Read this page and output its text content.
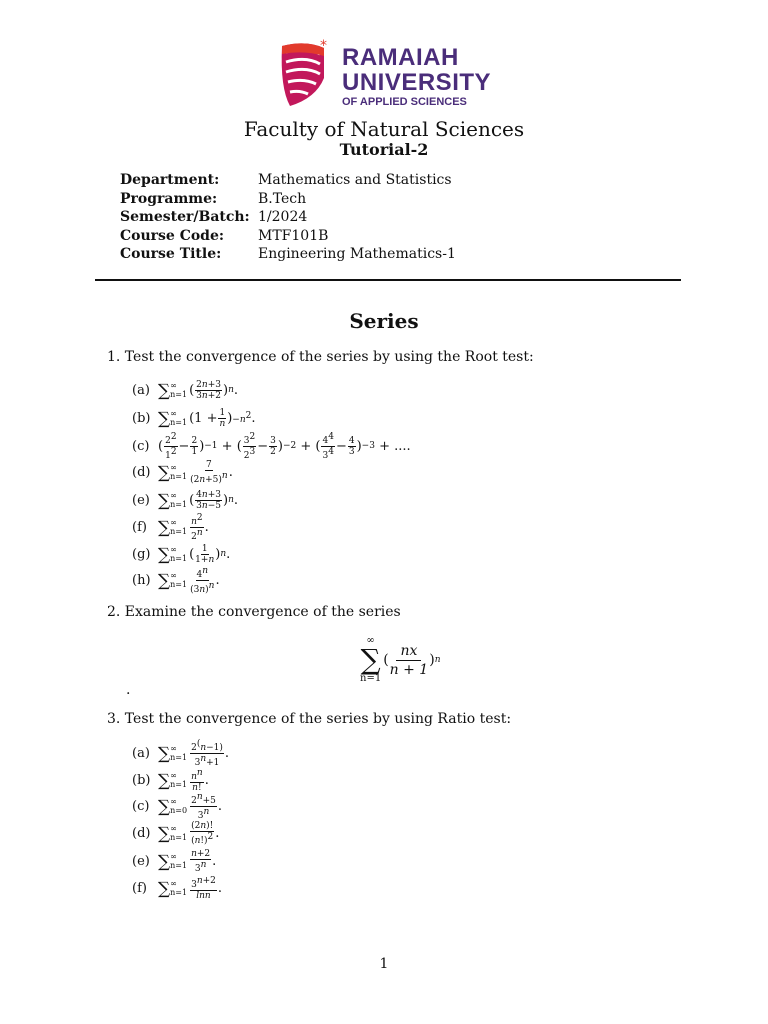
* RAMAIAH
UNIVERSITY
OF APPLIED SCIENCES
Faculty of Natural Sciences
Tutorial-2
Department:	Mathematics and Statistics
Programme:	B.Tech
Semester/Batch: 1/2024
Course Code:	MTF101B
Course Title:	Engineering Mathematics-1
Series
1. Test the convergence of the series by using the Root test:
(a) ∑ ∞
n=1 ( $\frac{2n+3}{3n+2}$ ) n .
(b) ∑ ∞
n=1 ($1 + \frac{1}{n}$ ) $-n^2$ .
(c) ( $\frac{2^2}{1^2} - \frac{2}{1}$ ) −1 + ( $\frac{3^2}{2^3} - \frac{3}{2}$ ) −2 + ( $\frac{4^4}{3^4} - \frac{4}{3}$ ) −3 + ....
(d) ∑ ∞
$n=1 \frac{7}{(2n+5)^n}$ .
(e) ∑ ∞
n=1 ( $\frac{4n+3}{3n-5}$ ) n .
(f) ∑ ∞
$n=1 \frac{n^2}{2^n}$ .
(g) ∑ ∞
n=1 ( $\frac{1}{1+n}$ ) n .
(h) ∑ ∞
$n=1 \frac{4^n}{(3n)^n}$ .
2. Examine the convergence of the series
∞
∑
n=1
(
nx
n + 1
) n
.
3. Test the convergence of the series by using Ratio test:
(a) ∑ ∞
$n=1 \frac{2^(n-1)}{3^n+1}$ .
(b) ∑ ∞
$n=1 \frac{n^n}{n!}$ .
(c) ∑ ∞
$n=0 \frac{2^n+5}{3^n}$ .
(d) ∑ ∞
$n=1 \frac{(2n)!}{(n!)^2}$ .
(e) ∑ ∞
$n=1 \frac{n+2}{3^n}$ .
(f) ∑ ∞
$n=1 \frac{3^{n+2}}{\ln n}$ .
1
